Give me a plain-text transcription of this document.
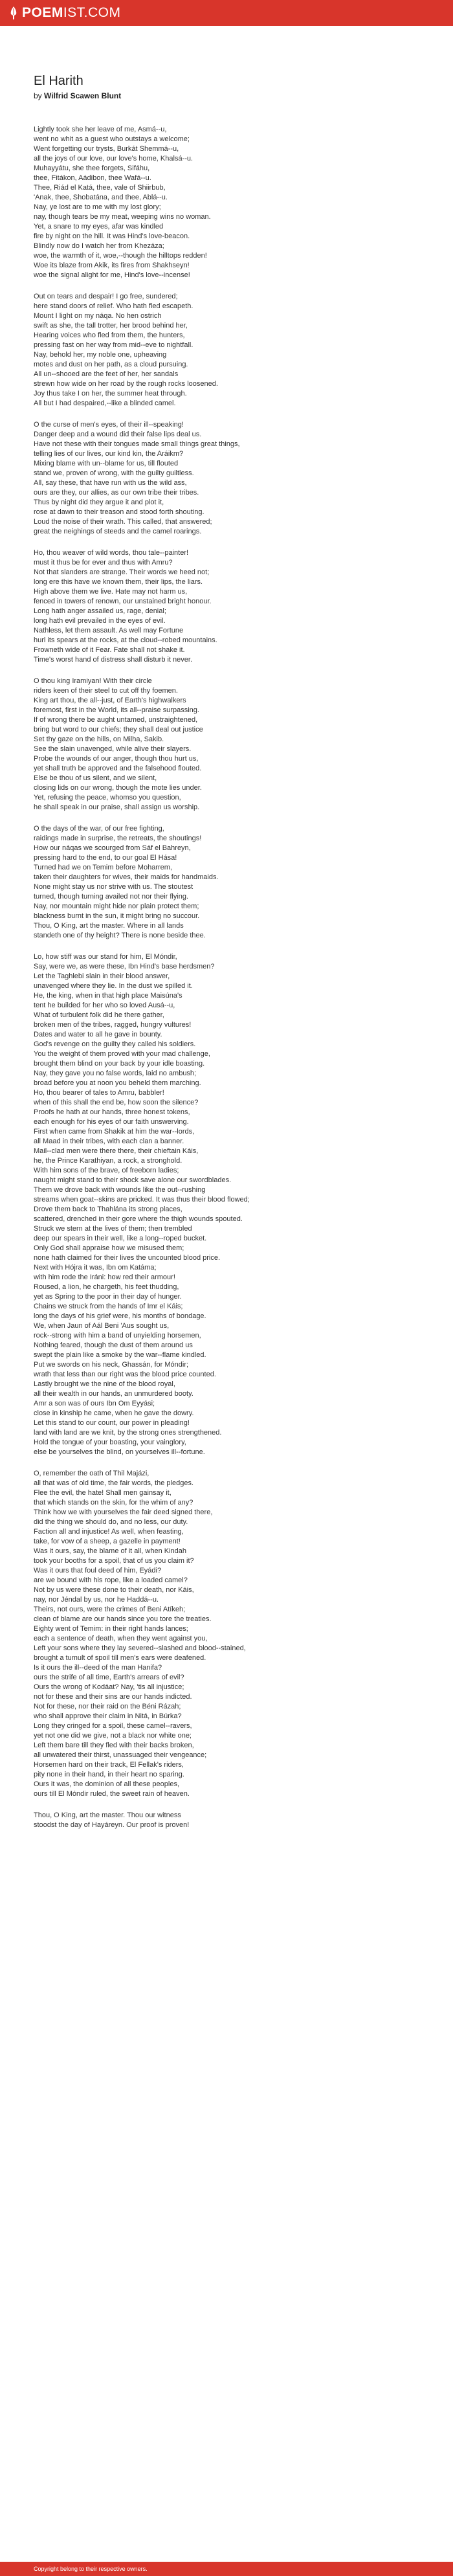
POEMIST.COM
El Harith
by Wilfrid Scawen Blunt
Lightly took she her leave of me, Asmá--u,
went no whit as a guest who outstays a welcome;
Went forgetting our trysts, Burkát Shemmá--u,
all the joys of our love, our love's home, Khalsá--u.
Muhayyátu, she thee forgets, Sifáhu,
thee, Fitákon, Aádibon, thee Wafá--u.
Thee, Riád el Katá, thee, vale of Shiirbub,
'Anak, thee, Shobatána, and thee, Ablá--u.
Nay, ye lost are to me with my lost glory;
nay, though tears be my meat, weeping wins no woman.
Yet, a snare to my eyes, afar was kindled
fire by night on the hill. It was Hind's love-beacon.
Blindly now do I watch her from Khezáza;
woe, the warmth of it, woe,--though the hilltops redden!
Woe its blaze from Akik, its fires from Shakhseyn!
woe the signal alight for me, Hind's love--incense!
Out on tears and despair! I go free, sundered;
here stand doors of relief. Who hath fled escapeth.
Mount I light on my náqa. No hen ostrich
swift as she, the tall trotter, her brood behind her,
Hearing voices who fled from them, the hunters,
pressing fast on her way from mid--eve to nightfall.
Nay, behold her, my noble one, upheaving
motes and dust on her path, as a cloud pursuing.
All un--shooed are the feet of her, her sandals
strewn how wide on her road by the rough rocks loosened.
Joy thus take I on her, the summer heat through.
All but I had despaired,--like a blinded camel.
O the curse of men's eyes, of their ill--speaking!
Danger deep and a wound did their false lips deal us.
Have not these with their tongues made small things great things,
telling lies of our lives, our kind kin, the Aráikm?
Mixing blame with un--blame for us, till flouted
stand we, proven of wrong, with the guilty guiltless.
All, say these, that have run with us the wild ass,
ours are they, our allies, as our own tribe their tribes.
Thus by night did they argue it and plot it,
rose at dawn to their treason and stood forth shouting.
Loud the noise of their wrath. This called, that answered;
great the neighings of steeds and the camel roarings.
Ho, thou weaver of wild words, thou tale--painter!
must it thus be for ever and thus with Amru?
Not that slanders are strange. Their words we heed not;
long ere this have we known them, their lips, the liars.
High above them we live. Hate may not harm us,
fenced in towers of renown, our unstained bright honour.
Long hath anger assailed us, rage, denial;
long hath evil prevailed in the eyes of evil.
Nathless, let them assault. As well may Fortune
hurl its spears at the rocks, at the cloud--robed mountains.
Frowneth wide of it Fear. Fate shall not shake it.
Time's worst hand of distress shall disturb it never.
O thou king Iramiyan! With their circle
riders keen of their steel to cut off thy foemen.
King art thou, the all--just, of Earth's highwalkers
foremost, first in the World, its all--praise surpassing.
If of wrong there be aught untamed, unstraightened,
bring but word to our chiefs; they shall deal out justice
Set thy gaze on the hills, on Milha, Sakib.
See the slain unavenged, while alive their slayers.
Probe the wounds of our anger, though thou hurt us,
yet shall truth be approved and the falsehood flouted.
Else be thou of us silent, and we silent,
closing lids on our wrong, though the mote lies under.
Yet, refusing the peace, whomso you question,
he shall speak in our praise, shall assign us worship.
O the days of the war, of our free fighting,
raidings made in surprise, the retreats, the shoutings!
How our náqas we scourged from Sáf el Bahreyn,
pressing hard to the end, to our goal El Hása!
Turned had we on Temim before Moharrem,
taken their daughters for wives, their maids for handmaids.
None might stay us nor strive with us. The stoutest
turned, though turning availed not nor their flying.
Nay, nor mountain might hide nor plain protect them;
blackness burnt in the sun, it might bring no succour.
Thou, O King, art the master. Where in all lands
standeth one of thy height? There is none beside thee.
Lo, how stiff was our stand for him, El Móndir,
Say, were we, as were these, Ibn Hind's base herdsmen?
Let the Taghlebi slain in their blood answer,
unavenged where they lie. In the dust we spilled it.
He, the king, when in that high place Maisúna's
tent he builded for her who so loved Ausá--u,
What of turbulent folk did he there gather,
broken men of the tribes, ragged, hungry vultures!
Dates and water to all he gave in bounty.
God's revenge on the guilty they called his soldiers.
You the weight of them proved with your mad challenge,
brought them blind on your back by your idle boasting.
Nay, they gave you no false words, laid no ambush;
broad before you at noon you beheld them marching.
Ho, thou bearer of tales to Amru, babbler!
when of this shall the end be, how soon the silence?
Proofs he hath at our hands, three honest tokens,
each enough for his eyes of our faith unswerving.
First when came from Shakik at him the war--lords,
all Maad in their tribes, with each clan a banner.
Mail--clad men were there there, their chieftain Káis,
he, the Prince Karathiyan, a rock, a stronghold.
With him sons of the brave, of freeborn ladies;
naught might stand to their shock save alone our swordblades.
Them we drove back with wounds like the out--rushing
streams when goat--skins are pricked. It was thus their blood flowed;
Drove them back to Thahlána its strong places,
scattered, drenched in their gore where the thigh wounds spouted.
Struck we stern at the lives of them; then trembled
deep our spears in their well, like a long--roped bucket.
Only God shall appraise how we misused them;
none hath claimed for their lives the uncounted blood price.
Next with Hójra it was, Ibn om Katáma;
with him rode the Iráni: how red their armour!
Roused, a lion, he chargeth, his feet thudding,
yet as Spring to the poor in their day of hunger.
Chains we struck from the hands of Imr el Káis;
long the days of his grief were, his months of bondage.
We, when Jaun of Aál Beni 'Aus sought us,
rock--strong with him a band of unyielding horsemen,
Nothing feared, though the dust of them around us
swept the plain like a smoke by the war--flame kindled.
Put we swords on his neck, Ghassán, for Móndir;
wrath that less than our right was the blood price counted.
Lastly brought we the nine of the blood royal,
all their wealth in our hands, an unmurdered booty.
Amr a son was of ours Ibn Om Eyyási;
close in kinship he came, when he gave the dowry.
Let this stand to our count, our power in pleading!
land with land are we knit, by the strong ones strengthened.
Hold the tongue of your boasting, your vainglory,
else be yourselves the blind, on yourselves ill--fortune.
O, remember the oath of Thil Majázi,
all that was of old time, the fair words, the pledges.
Flee the evil, the hate! Shall men gainsay it,
that which stands on the skin, for the whim of any?
Think how we with yourselves the fair deed signed there,
did the thing we should do, and no less, our duty.
Faction all and injustice! As well, when feasting,
take, for vow of a sheep, a gazelle in payment!
Was it ours, say, the blame of it all, when Kindah
took your booths for a spoil, that of us you claim it?
Was it ours that foul deed of him, Eyádi?
are we bound with his rope, like a loaded camel?
Not by us were these done to their death, nor Káis,
nay, nor Jéndal by us, nor he Haddá--u.
Theirs, not ours, were the crimes of Beni Atíkeh;
clean of blame are our hands since you tore the treaties.
Eighty went of Temim: in their right hands lances;
each a sentence of death, when they went against you,
Left your sons where they lay severed--slashed and blood--stained,
brought a tumult of spoil till men's ears were deafened.
Is it ours the ill--deed of the man Hanifa?
ours the strife of all time, Earth's arrears of evil?
Ours the wrong of Kodáat? Nay, 'tis all injustice;
not for these and their sins are our hands indicted.
Not for these, nor their raid on the Béni Rázah;
who shall approve their claim in Nitá, in Búrka?
Long they cringed for a spoil, these camel--ravers,
yet not one did we give, not a black nor white one;
Left them bare till they fled with their backs broken,
all unwatered their thirst, unassuaged their vengeance;
Horsemen hard on their track, El Fellak's riders,
pity none in their hand, in their heart no sparing.
Ours it was, the dominion of all these peoples,
ours till El Móndir ruled, the sweet rain of heaven.
Thou, O King, art the master. Thou our witness
stoodst the day of Hayáreyn. Our proof is proven!
Copyright belong to their respective owners.
